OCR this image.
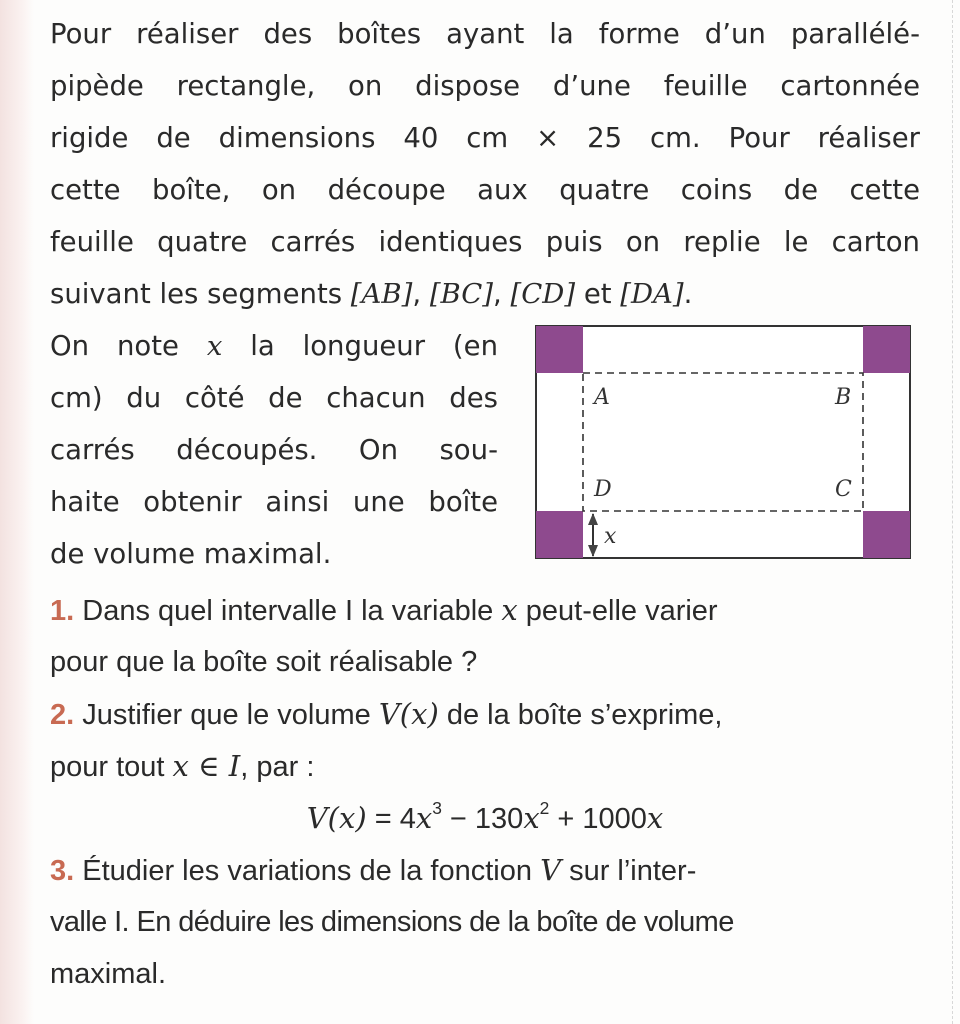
Pour réaliser des boîtes ayant la forme d’un parallélé-
pipède rectangle, on dispose d’une feuille cartonnée
rigide de dimensions 40 cm × 25 cm. Pour réaliser
cette boîte, on découpe aux quatre coins de cette
feuille quatre carrés identiques puis on replie le carton
suivant les segments [AB], [BC], [CD] et [DA].
On note x la longueur (en
cm) du côté de chacun des
carrés découpés. On sou-
haite obtenir ainsi une boîte
de volume maximal.
A	B
D	C
x
1. Dans quel intervalle I la variable x peut-elle varier
pour que la boîte soit réalisable ?
2. Justifier que le volume V(x) de la boîte s’exprime,
pour tout x ∈ I, par :
$V(x) = 4x^3 - 130x^2 + 1000x$
3. Étudier les variations de la fonction V sur l’inter-
valle I. En déduire les dimensions de la boîte de volume
maximal.
